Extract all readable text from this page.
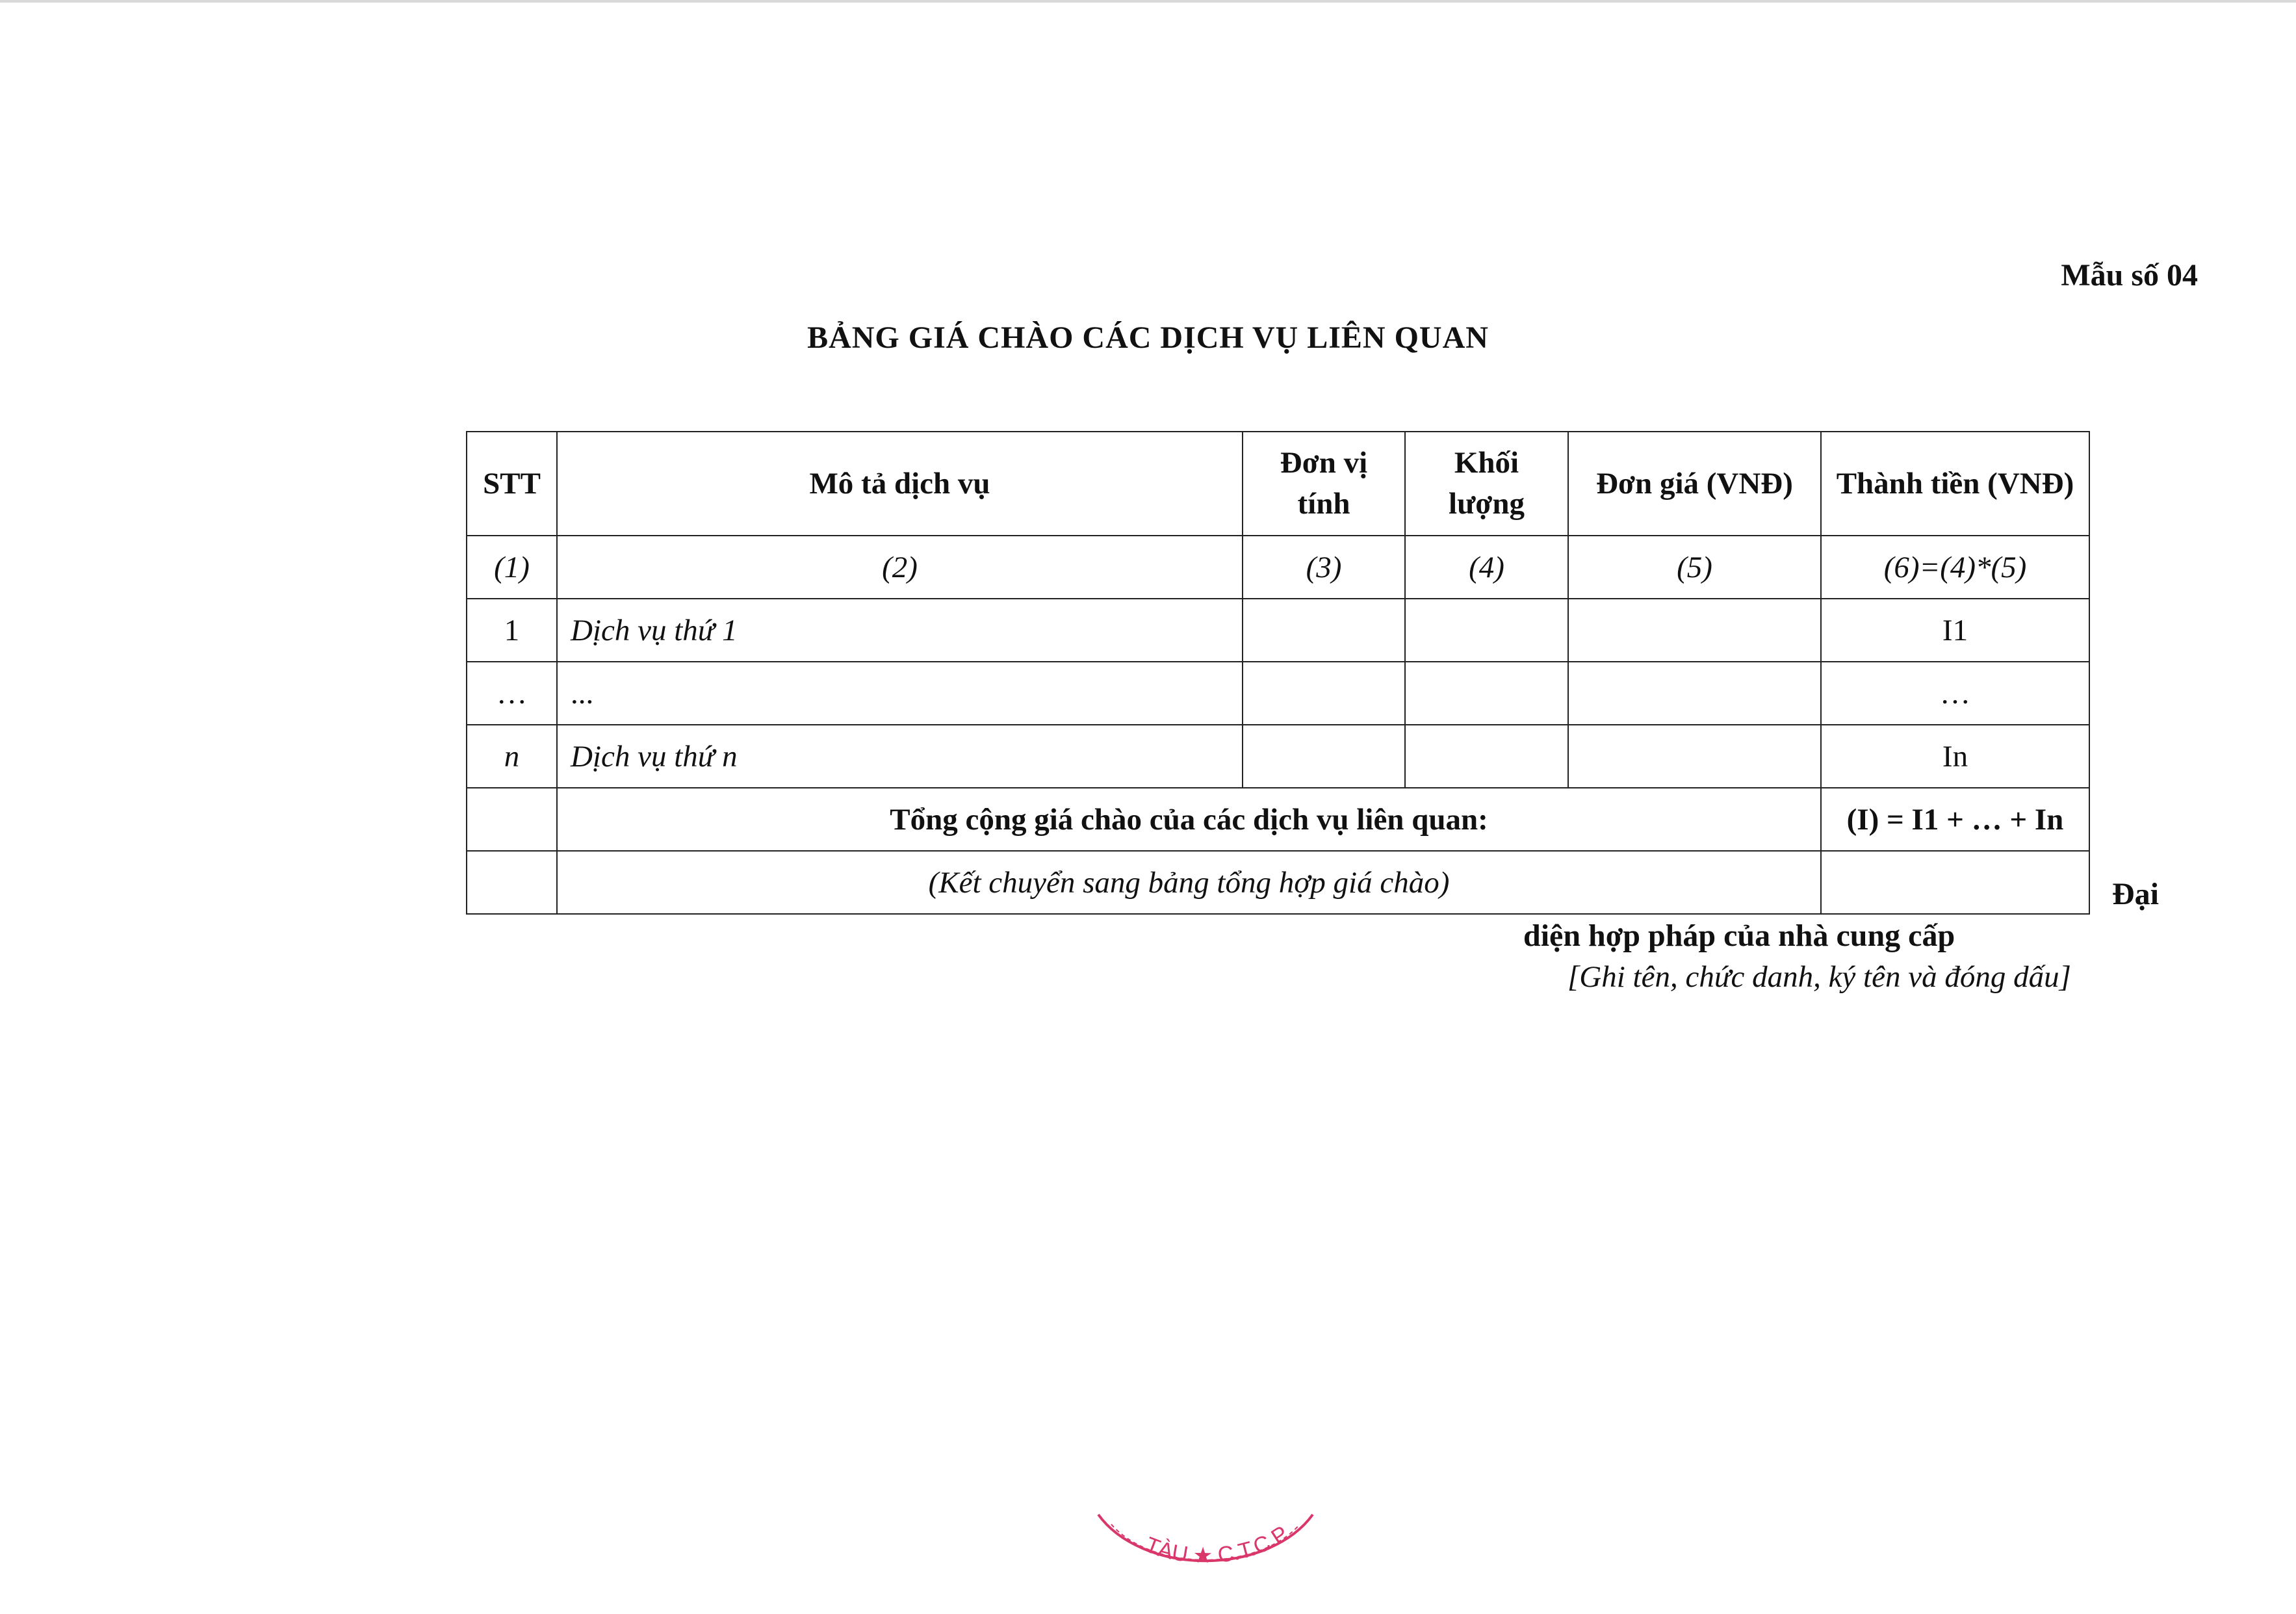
Mẫu số 04
BẢNG GIÁ CHÀO CÁC DỊCH VỤ LIÊN QUAN
STT	Mô tả dịch vụ	Đơn vị tính	Khối lượng	Đơn giá (VNĐ)	Thành tiền (VNĐ)
(1)	(2)	(3)	(4)	(5)	(6)=(4)*(5)
1	Dịch vụ thứ 1				I1
…	...				…
n	Dịch vụ thứ n				In
	Tổng cộng giá chào của các dịch vụ liên quan:				(I) = I1 + … + In
	(Kết chuyển sang bảng tổng hợp giá chào)					Đại
diện hợp pháp của nhà cung cấp
[Ghi tên, chức danh, ký tên và đóng dấu]
TÀU ★ C.T.C.P
